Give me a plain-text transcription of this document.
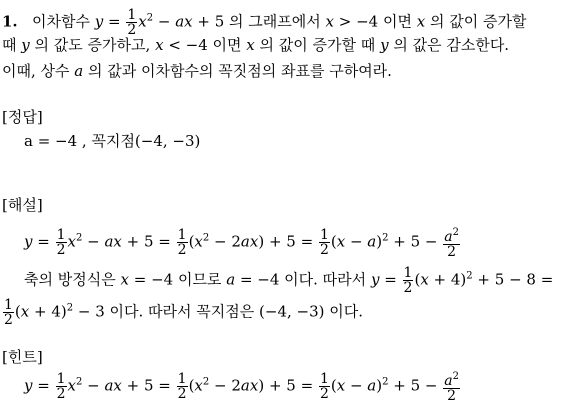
1. 이차함수 $y = \frac{1}{2} x^2$ − ax + 5 의 그래프에서 x > −4 이면 x 의 값이 증가할
때 y 의 값도 증가하고, x < −4 이면 x 의 값이 증가할 때 y 의 값은 감소한다.
이때, 상수 a 의 값과 이차함수의 꼭짓점의 좌표를 구하여라.
[정답]
a = −4 , 꼭지점(−4, −3)
[해설]
$y = \frac{1}{2} x^2$ − ax + $5 = \frac{1}{2} (x^2 - 2ax) + 5 = \frac{1}{2} (x - a)^2 + 5 - \frac{a^2}{2}$
축의 방정식은 x = −4 이므로 a = −4 이다. 따라서 $y = \frac{1}{2} (x + 4)^2 + 5 - 8$ =
$\frac{1}{2} (x + 4)^2 - 3$ 이다. 따라서 꼭지점은 (−4, −3) 이다.
[힌트]
$y = \frac{1}{2} x^2$ − ax + $5 = \frac{1}{2} (x^2 - 2ax) + 5 = \frac{1}{2} (x - a)^2 + 5 - \frac{a^2}{2}$
